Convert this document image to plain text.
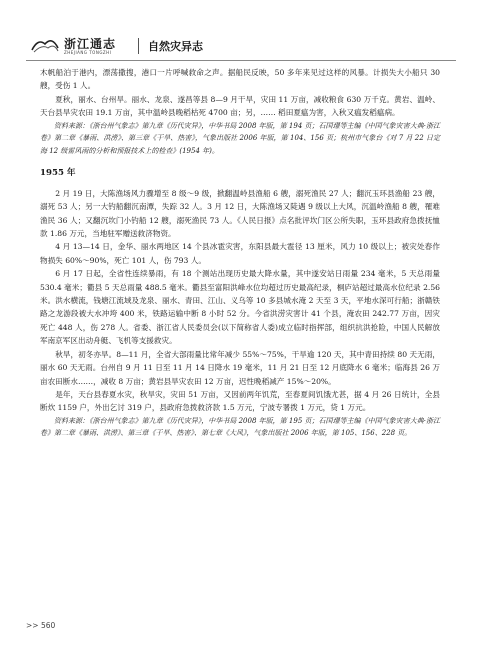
浙江通志
ZHEJIANG TONGZHI	自然灾异志

木帆船泊于港内，漂荡撒搜，港口一片呼喊救命之声。据船民反映，50 多年来见过这样的风暴。计损失大小船只 30 艘，受伤 1 人。

夏秋，丽水、台州旱。丽水、龙泉、遂昌等县 8—9 月干旱，灾田 11 万亩，减收粮食 630 万千克。黄岩、温岭、天台县旱灾农田 19.1 万亩，其中温岭县晚稻枯死 4700 亩；另，…… 稻田夏瘟为害，入秋又瘟发稻瘟病。

资料来源：《浙台州气象志》第九章《历代灾异》，中华书局 2008 年版，第 194 页；石国璟等主编《中国气象灾害大典·浙江卷》第二章《暴雨、洪涝》、第三章《干旱、热害》，气象出版社 2006 年版，第 104、156 页；杭州市气象台《对 7 月 22 日定海 12 级雷风雨的分析和预报技术上的检查》(1954 年)。

1955 年

2 月 19 日，大陈渔场风力骤增至 8 级～9 级，掀翻温岭县渔船 6 艘，溺死渔民 27 人；翻沉玉环县渔船 23 艘，溺死 53 人；另一大钓船翻沉南潭，失踪 32 人。3 月 12 日，大陈渔场又陡遇 9 级以上大风，沉温岭渔船 8 艘，罹难渔民 36 人；又翻沉坎门小钓船 12 艘，溺死渔民 73 人。《人民日报》点名批评坎门区公所失职，玉环县政府急拨抚恤款 1.86 万元，当地驻军赠送救济物资。

4 月 13—14 日，金华、丽水两地区 14 个县冰雹灾害，东阳县最大雹径 13 厘米，风力 10 级以上；被灾处春作物损失 60%～90%，死亡 101 人，伤 793 人。

6 月 17 日起，全省性连续暴雨，有 18 个测站出现历史最大降水量，其中遂安站日雨量 234 毫米，5 天总雨量 530.4 毫米；衢县 5 天总雨量 488.5 毫米。衢县至富阳洪峰水位均超过历史最高纪录，桐庐站超过最高水位纪录 2.56 米。洪水横流，钱塘江流域及龙泉、丽水、青田、江山、义乌等 10 多县城水淹 2 天至 3 天，平地水深可行船；浙赣铁路之龙游段被大水冲垮 400 米，铁路运输中断 8 小时 52 分。今省洪涝灾害计 41 个县，淹农田 242.77 万亩，因灾死亡 448 人，伤 278 人。省委、浙江省人民委员会(以下简称省人委)成立临时指挥部，组织抗洪抢险，中国人民解放军南京军区出动舟艇、飞机等支援救灾。

秋旱，初冬亦旱。8—11 月，全省大部雨量比常年减少 55%～75%，干旱逾 120 天，其中青田持续 80 天无雨，丽水 60 天无雨。台州自 9 月 11 日至 11 月 14 日降水 19 毫米，11 月 21 日至 12 月底降水 6 毫米；临海县 26 万亩农田断水……，减收 8 万亩；黄岩县旱灾农田 12 万亩，迟性晚稻减产 15%～20%。

是年，天台县春夏水灾，秋旱灾，灾田 51 万亩，又因前两年饥荒，至春夏间饥饿尤甚，据 4 月 26 日统计，全县断炊 1159 户，外出乞讨 319 户，县政府急拨救济款 1.5 万元，宁波专署拨 1 万元，贷 1 万元。

资料来源：《浙台州气象志》第九章《历代灾异》，中华书局 2008 年版，第 195 页；石国璟等主编《中国气象灾害大典·浙江卷》第二章《暴雨、洪涝》、第三章《干旱、热害》、第七章《大风》，气象出版社 2006 年版，第 105、156、228 页。

>> 560
